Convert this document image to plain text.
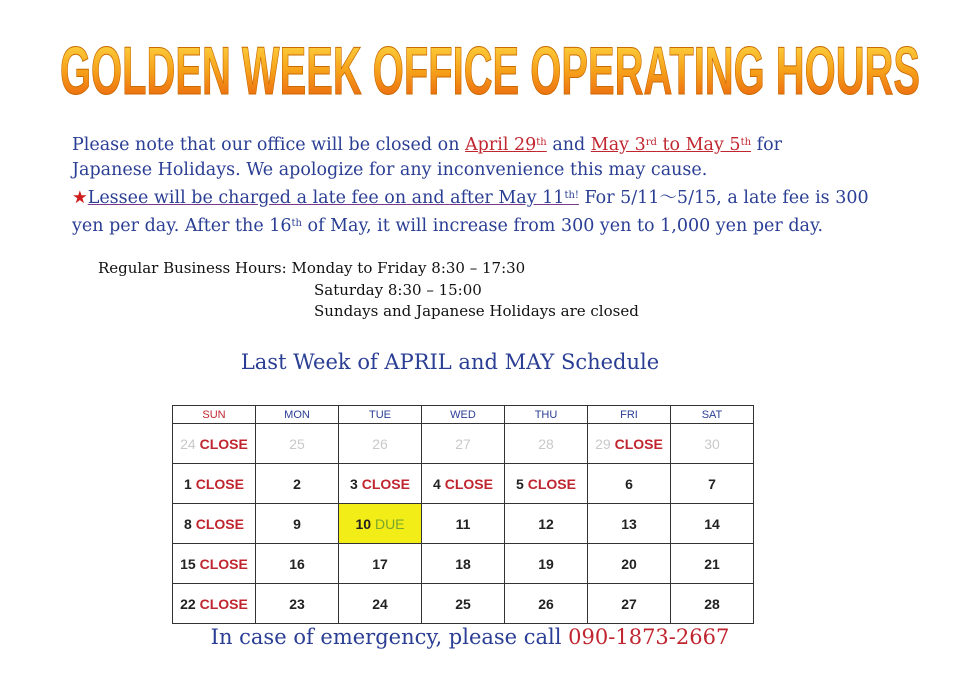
GOLDEN WEEK OFFICE OPERATING HOURS
Please note that our office will be closed on April 29th and May 3rd to May 5th for
Japanese Holidays. We apologize for any inconvenience this may cause.
★Lessee will be charged a late fee on and after May $11^{th!}$ For 5/11～5/15, a late fee is 300
yen per day. After the 16th of May, it will increase from 300 yen to 1,000 yen per day.
Regular Business Hours: Monday to Friday 8:30 – 17:30
Saturday 8:30 – 15:00
Sundays and Japanese Holidays are closed
Last Week of APRIL and MAY Schedule
SUN	MON	TUE	WED	THU	FRI	SAT
24 CLOSE	25	26	27	28	29 CLOSE	30
1 CLOSE	2	3 CLOSE	4 CLOSE	5 CLOSE	6	7
8 CLOSE	9	10 DUE	11	12	13	14
15 CLOSE	16	17	18	19	20	21
22 CLOSE	23	24	25	26	27	28
In case of emergency, please call 090-1873-2667
